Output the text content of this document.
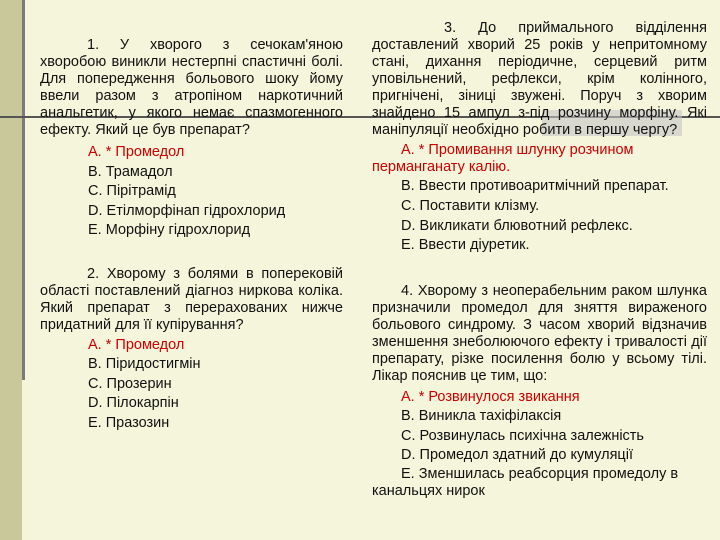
1. У хворого з сечокам'яною хворобою виникли нестерпні спастичні болі. Для попередження больового шоку йому ввели разом з атропіном наркотичний анальгетик, у якого немає спазмогенного ефекту. Який це був препарат?

А. * Промедол

B. Трамадол

C. Пірітрамід

D. Етілморфінап гідрохлорид

E. Морфіну гідрохлорид

2. Хворому з болями в поперековій області поставлений діагноз ниркова коліка. Який препарат з перерахованих нижче придатний для її купірування?

А. * Промедол

B. Піридостигмін

C. Прозерин

D. Пілокарпін

E. Празозин

3. До приймального відділення доставлений хворий 25 років у непритомному стані, дихання періодичне, серцевий ритм уповільнений, рефлекси, крім колінного, пригнічені, зіниці звужені. Поруч з хворим знайдено 15 ампул з-під розчину морфіну. Які маніпуляції необхідно робити в першу чергу?

А. * Промивання шлунку розчином перманганату калію.

B. Ввести противоаритмічний препарат.

C. Поставити клізму.

D. Викликати блювотний рефлекс.

E. Ввести діуретик.

4. Хворому з неоперабельним раком шлунка призначили промедол для зняття вираженого больового синдрому. З часом хворий відзначив зменшення знеболюючого ефекту і тривалості дії препарату, різке посилення болю у всьому тілі. Лікар пояснив це тим, що:

А. * Розвинулося звикання

B. Виникла тахіфілаксія

C. Розвинулась психічна залежність

D. Промедол здатний до кумуляції

E. Зменшилась реабсорция промедолу в канальцях нирок
